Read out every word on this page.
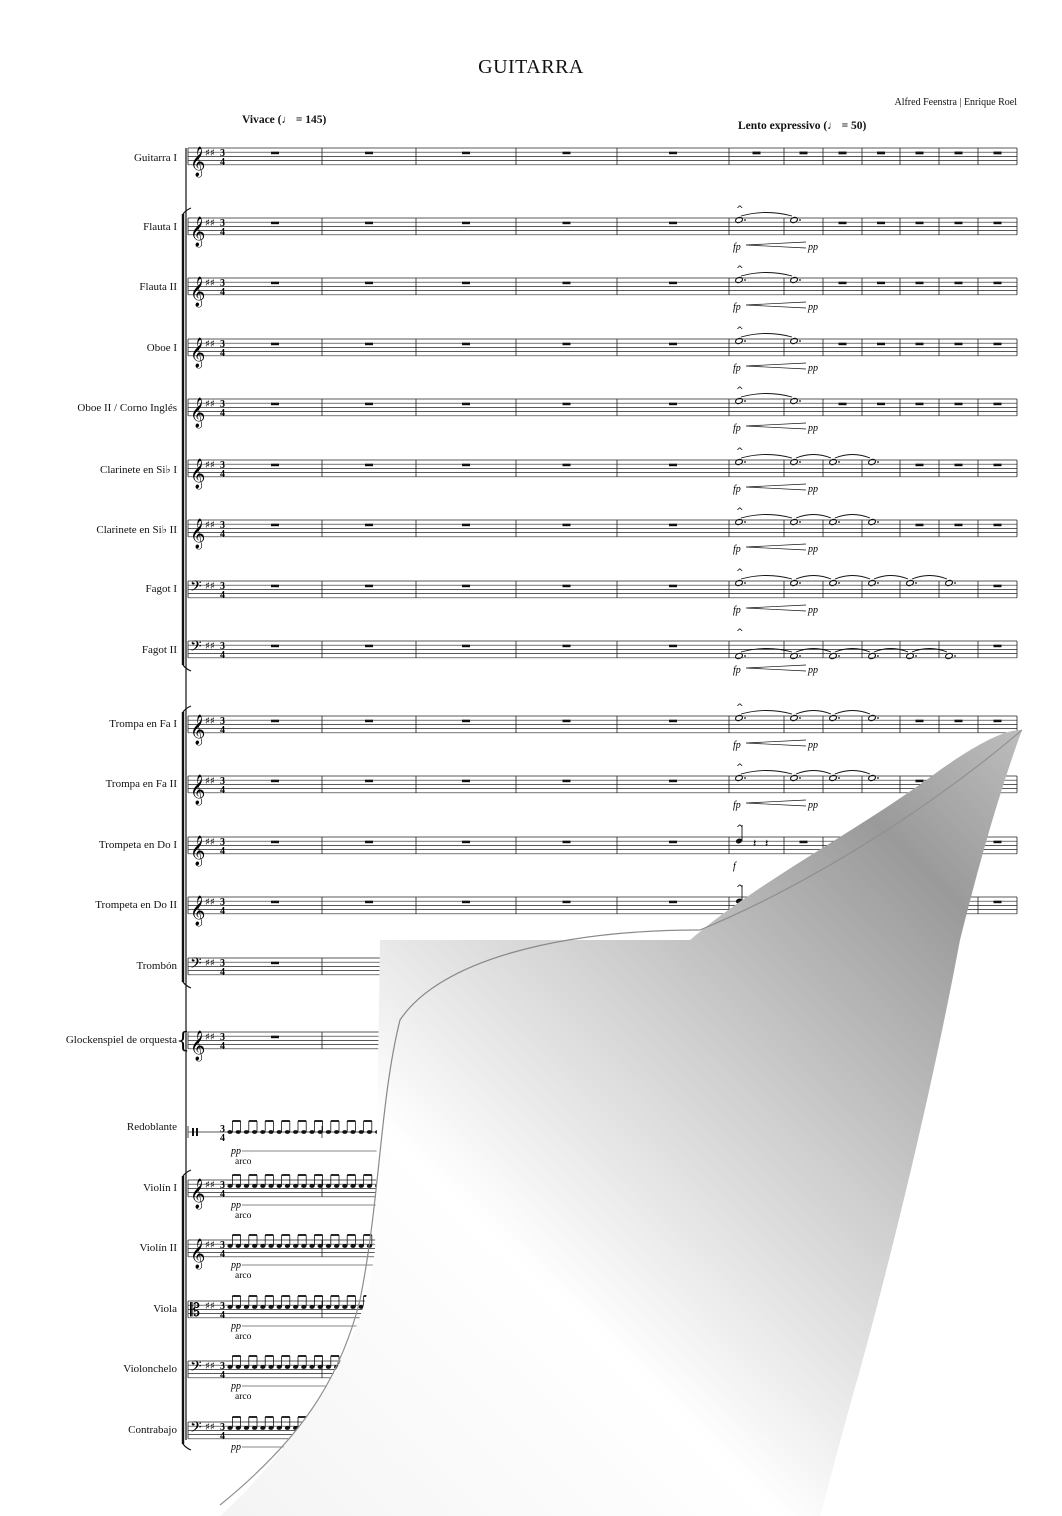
GUITARRA
Alfred Feenstra | Enrique Roel
Vivace (♩ = 145)	Lento expressivo (♩ = 50)
Guitarra I
Flauta I
Flauta II
Oboe I
Oboe II / Corno Inglés
Clarinete en Si♭ I
Clarinete en Si♭ II
Fagot I
Fagot II
Trompa en Fa I
Trompa en Fa II
Trompeta en Do I
Trompeta en Do II
Trombón
Glockenspiel de orquesta
Redoblante
Violín I
Violín II
Viola
Violonchelo
Contrabajo
𝄞 ♯♯ 3
4
𝄞 ♯♯ 3
4
^
fp	pp
𝄞 ♯♯ 3
4
^
fp	pp
𝄞 ♯♯ 3
4
^
fp	pp
𝄞 ♯♯ 3
4
^
fp	pp
𝄞 ♯♯ 3
4
^
fp	pp
𝄞 ♯♯ 3
4
^
fp	pp
𝄢 ♯♯ 3
4
^
fp	pp
𝄢 ♯♯ 3
4
^
fp	pp
𝄞 ♯♯ 3
4
^
fp	pp
𝄞 ♯♯ 3
4
^
fp	pp
𝄞 ♯♯ 3
4
𝄽 𝄽
^
f
𝄞 ♯♯ 3
4
^
𝄢 ♯♯ 3
4
𝄞 ♯♯ 3
4
3
4
pp
arco
𝄞 ♯♯ 3
4
pp
arco
𝄞 ♯♯ 3
4
pp
arco
𝄡 ♯♯ 3
4
pp
arco
𝄢 ♯♯ 3
4
pp
arco
𝄢 ♯♯ 3
4
pp
{
